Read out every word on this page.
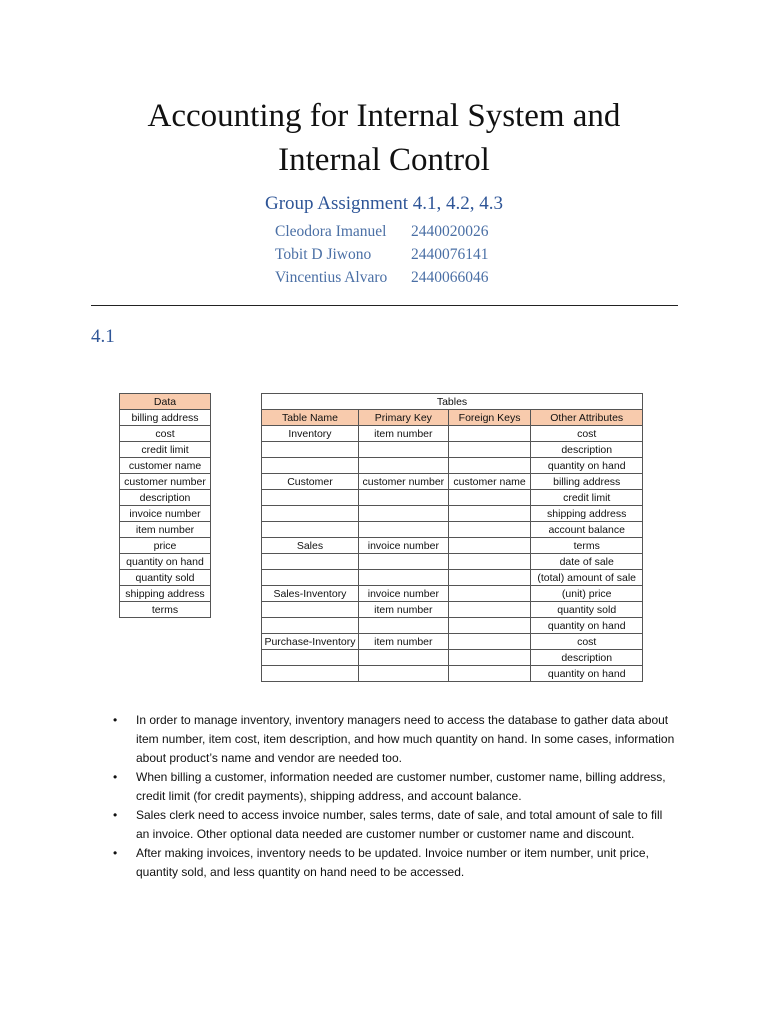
Accounting for Internal System and
Internal Control
Group Assignment 4.1, 4.2, 4.3
Cleodora Imanuel 2440020026
Tobit D Jiwono	2440076141
Vincentius Alvaro 2440066046
4.1
Data
billing address
cost
credit limit
customer name
customer number
description
invoice number
item number
price
quantity on hand
quantity sold
shipping address
terms
Tables			
Table Name	Primary Key	Foreign Keys	Other Attributes
Inventory	item number		cost
			description
			quantity on hand
Customer	customer number	customer name	billing address
			credit limit
			shipping address
			account balance
Sales	invoice number		terms
			date of sale
			(total) amount of sale
Sales-Inventory	invoice number		(unit) price
	item number		quantity sold
			quantity on hand
Purchase-Inventory	item number		cost
			description
			quantity on hand
• In order to manage inventory, inventory managers need to access the database to gather data about item number, item cost, item description, and how much quantity on hand. In some cases, information about product’s name and vendor are needed too.
• When billing a customer, information needed are customer number, customer name, billing address, credit limit (for credit payments), shipping address, and account balance.
• Sales clerk need to access invoice number, sales terms, date of sale, and total amount of sale to fill an invoice. Other optional data needed are customer number or customer name and discount.
• After making invoices, inventory needs to be updated. Invoice number or item number, unit price, quantity sold, and less quantity on hand need to be accessed.
